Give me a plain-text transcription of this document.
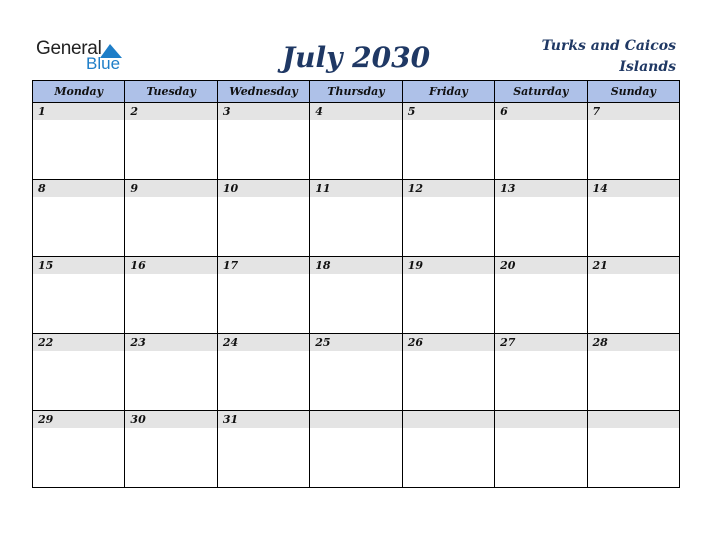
General
Blue	July 2030	Turks and Caicos
Islands
Monday	Tuesday	Wednesday	Thursday	Friday	Saturday	Sunday

1	2	3	4	5	6	7

8	9	10	11	12	13	14

15	16	17	18	19	20	21

22	23	24	25	26	27	28

29	30	31				
